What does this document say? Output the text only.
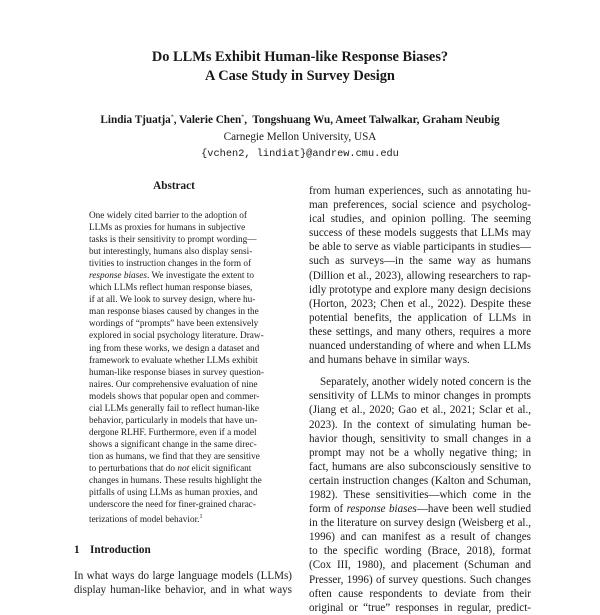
Do LLMs Exhibit Human-like Response Biases?
A Case Study in Survey Design
Lindia Tjuatja*, Valerie Chen*,  Tongshuang Wu, Ameet Talwalkar, Graham Neubig
Carnegie Mellon University, USA
{vchen2, lindiat}@andrew.cmu.edu
Abstract
One widely cited barrier to the adoption of
LLMs as proxies for humans in subjective
tasks is their sensitivity to prompt wording—
but interestingly, humans also display sensi-
tivities to instruction changes in the form of
response biases. We investigate the extent to
which LLMs reflect human response biases,
if at all. We look to survey design, where hu-
man response biases caused by changes in the
wordings of “prompts” have been extensively
explored in social psychology literature. Draw-
ing from these works, we design a dataset and
framework to evaluate whether LLMs exhibit
human-like response biases in survey question-
naires. Our comprehensive evaluation of nine
models shows that popular open and commer-
cial LLMs generally fail to reflect human-like
behavior, particularly in models that have un-
dergone RLHF. Furthermore, even if a model
shows a significant change in the same direc-
tion as humans, we find that they are sensitive
to perturbations that do not elicit significant
changes in humans. These results highlight the
pitfalls of using LLMs as human proxies, and
underscore the need for finer-grained charac-
terizations of model behavior.$^1$
1 Introduction
In what ways do large language models (LLMs)
display human-like behavior, and in what ways
from human experiences, such as annotating hu-
man preferences, social science and psycholog-
ical studies, and opinion polling. The seeming
success of these models suggests that LLMs may
be able to serve as viable participants in studies—
such as surveys—in the same way as humans
(Dillion et al., 2023), allowing researchers to rap-
idly prototype and explore many design decisions
(Horton, 2023; Chen et al., 2022). Despite these
potential benefits, the application of LLMs in
these settings, and many others, requires a more
nuanced understanding of where and when LLMs
and humans behave in similar ways.
Separately, another widely noted concern is the
sensitivity of LLMs to minor changes in prompts
(Jiang et al., 2020; Gao et al., 2021; Sclar et al.,
2023). In the context of simulating human be-
havior though, sensitivity to small changes in a
prompt may not be a wholly negative thing; in
fact, humans are also subconsciously sensitive to
certain instruction changes (Kalton and Schuman,
1982). These sensitivities—which come in the
form of response biases—have been well studied
in the literature on survey design (Weisberg et al.,
1996) and can manifest as a result of changes
to the specific wording (Brace, 2018), format
(Cox III, 1980), and placement (Schuman and
Presser, 1996) of survey questions. Such changes
often cause respondents to deviate from their
original or “true” responses in regular, predict-
